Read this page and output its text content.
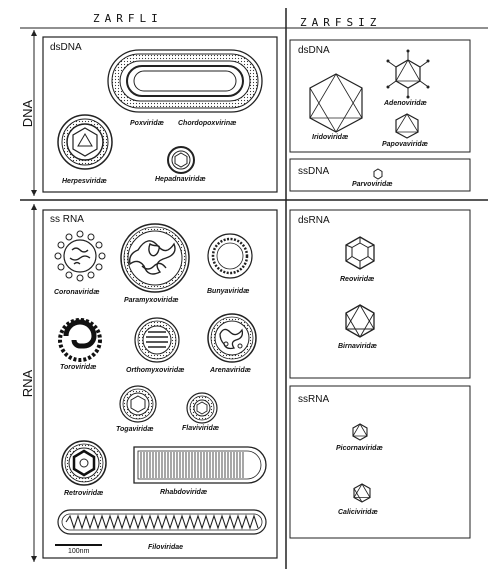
ZARFLI	ZARFSIZ
DNA
RNA
dsDNA	dsDNA
ssDNA
ss RNA	dsRNA
ssRNA
Poxviridæ Chordopoxvirinæ
Herpesviridæ	Hepadnaviridæ
Iridoviridæ
Adenoviridæ
Papovaviridæ
Parvoviridæ
Coronaviridæ
Paramyxoviridæ
Bunyaviridæ
Toroviridæ	Orthomyxoviridæ	Arenaviridæ
Togaviridæ	Flaviviridæ
Retroviridæ	Rhabdoviridæ
Filoviridae
Reoviridæ
Birnaviridæ
Picornaviridæ
Caliciviridæ
100nm
